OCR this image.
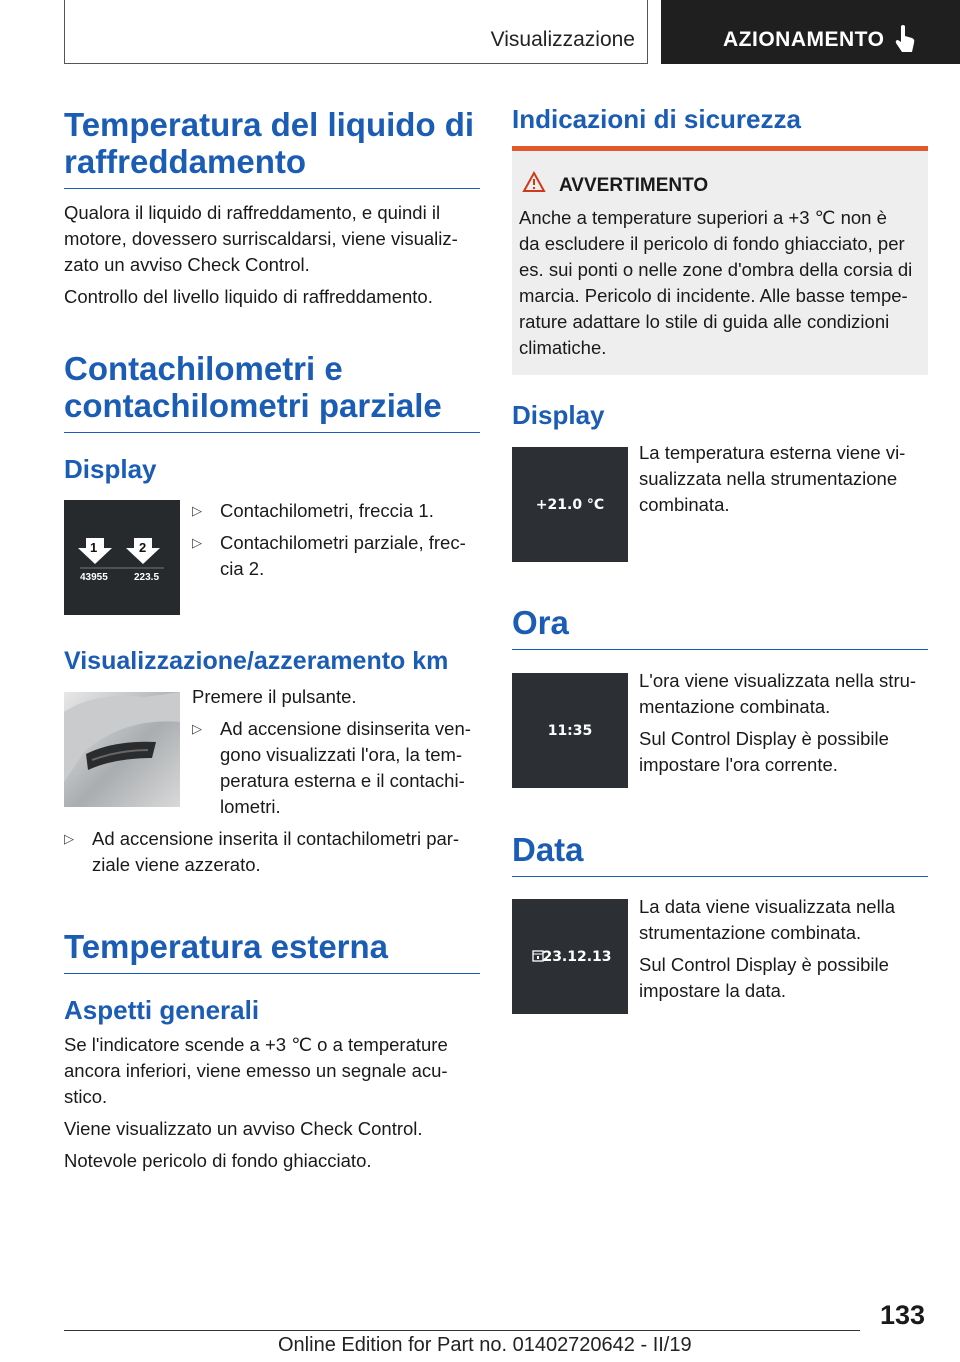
Visualizzazione	AZIONAMENTO
Temperatura del liquido di raffreddamento

Qualora il liquido di raffreddamento, e quindi il

motore, dovessero surriscaldarsi, viene visualiz-

zato un avviso Check Control.

Controllo del livello liquido di raffreddamento.

Contachilometri e
contachilometri parziale
Display
1	2
43955	223.5
▷ Contachilometri, freccia 1.
▷ Contachilometri parziale, frec-
cia 2.
Visualizzazione/azzeramento km

Premere il pulsante.

▷ Ad accensione disinserita ven-
gono visualizzati l'ora, la tem-
peratura esterna e il contachi-
lometri.
▷ Ad accensione inserita il contachilometri par-
ziale viene azzerato.
Temperatura esterna
Aspetti generali

Se l'indicatore scende a +3 ℃ o a temperature

ancora inferiori, viene emesso un segnale acu-

stico.

Viene visualizzato un avviso Check Control.

Notevole pericolo di fondo ghiacciato.

Indicazioni di sicurezza
AVVERTIMENTO

Anche a temperature superiori a +3 ℃ non è

da escludere il pericolo di fondo ghiacciato, per

es. sui ponti o nelle zone d'ombra della corsia di

marcia. Pericolo di incidente. Alle basse tempe-

rature adattare lo stile di guida alle condizioni

climatiche.

Display
+21.0 °C

La temperatura esterna viene vi-

sualizzata nella strumentazione

combinata.

Ora
11:35

L'ora viene visualizzata nella stru-

mentazione combinata.

Sul Control Display è possibile

impostare l'ora corrente.

Data
23.12.13

La data viene visualizzata nella

strumentazione combinata.

Sul Control Display è possibile

impostare la data.

133
Online Edition for Part no. 01402720642 - II/19
